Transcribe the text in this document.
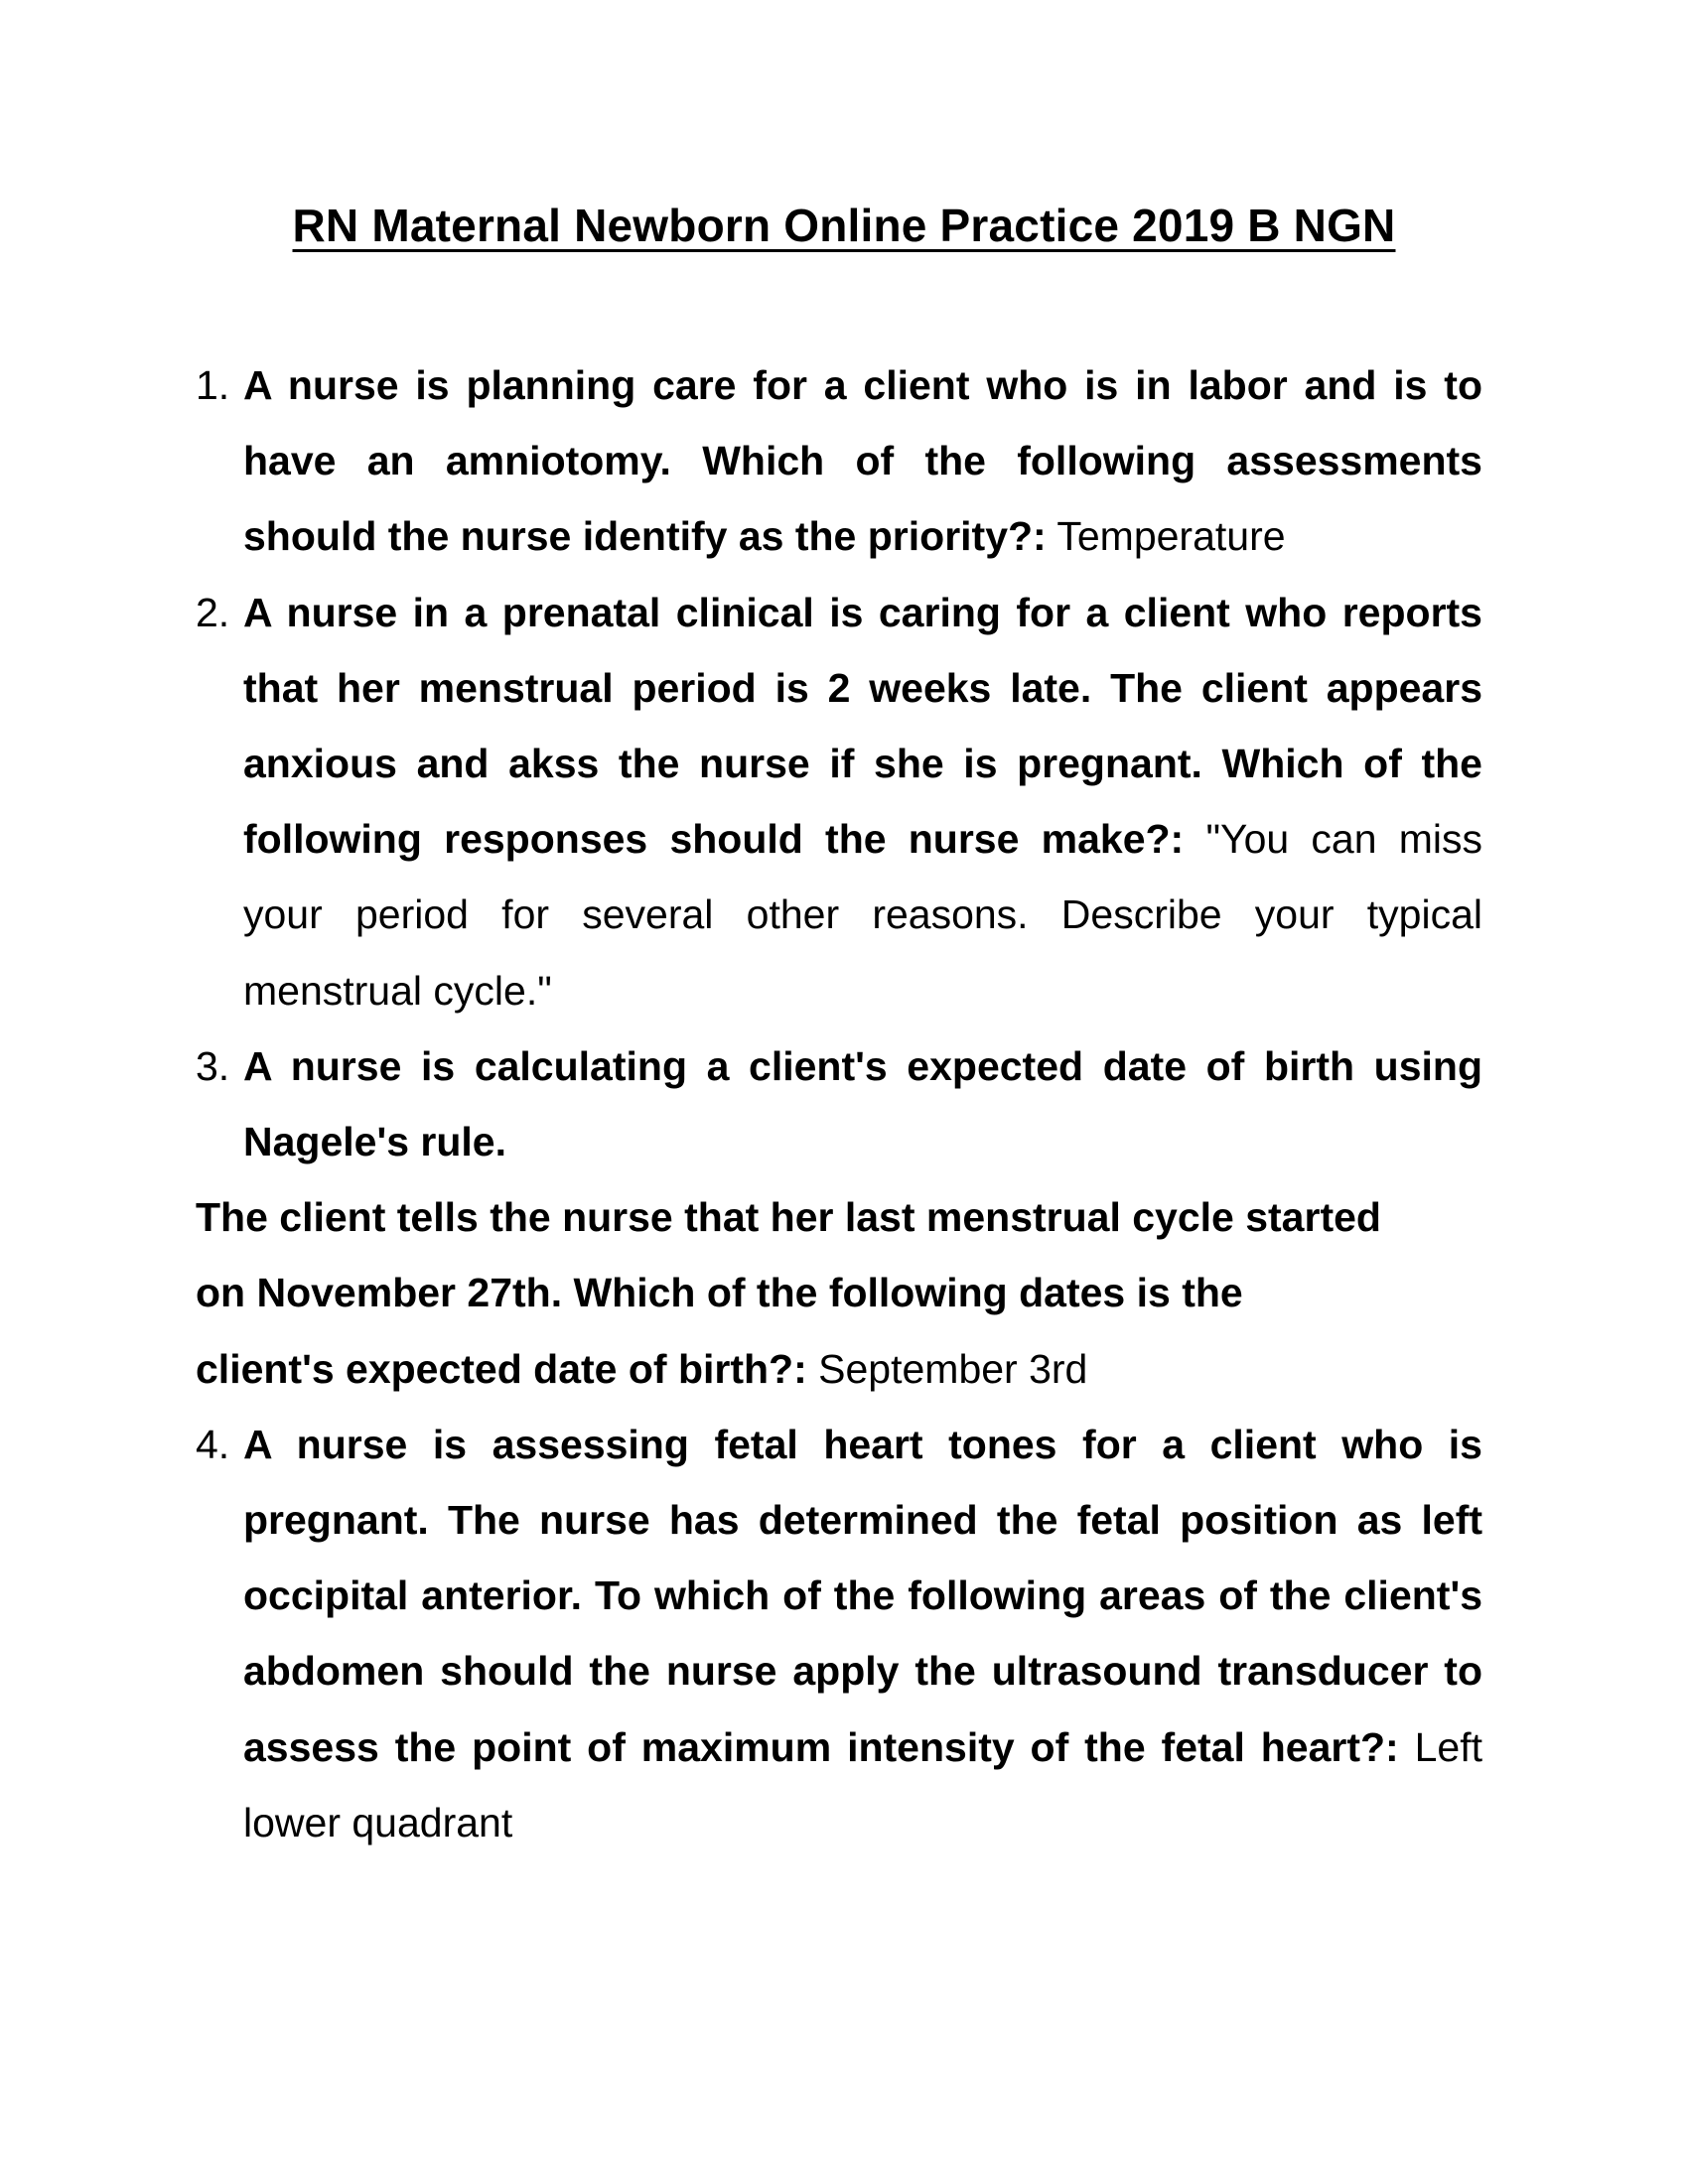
RN Maternal Newborn Online Practice 2019 B NGN
1. A nurse is planning care for a client who is in labor and is to have an amniotomy. Which of the following assessments should the nurse identify as the priority?: Temperature
2. A nurse in a prenatal clinical is caring for a client who reports that her menstrual period is 2 weeks late. The client appears anxious and akss the nurse if she is pregnant. Which of the following responses should the nurse make?: "You can miss your period for several other reasons. Describe your typical menstrual cycle."
3. A nurse is calculating a client's expected date of birth using Nagele's rule.
The client tells the nurse that her last menstrual cycle started
on November 27th. Which of the following dates is the
client's expected date of birth?: September 3rd
4. A nurse is assessing fetal heart tones for a client who is pregnant. The nurse has determined the fetal position as left occipital anterior. To which of the following areas of the client's abdomen should the nurse apply the ultrasound transducer to assess the point of maximum intensity of the fetal heart?: Left lower quadrant
